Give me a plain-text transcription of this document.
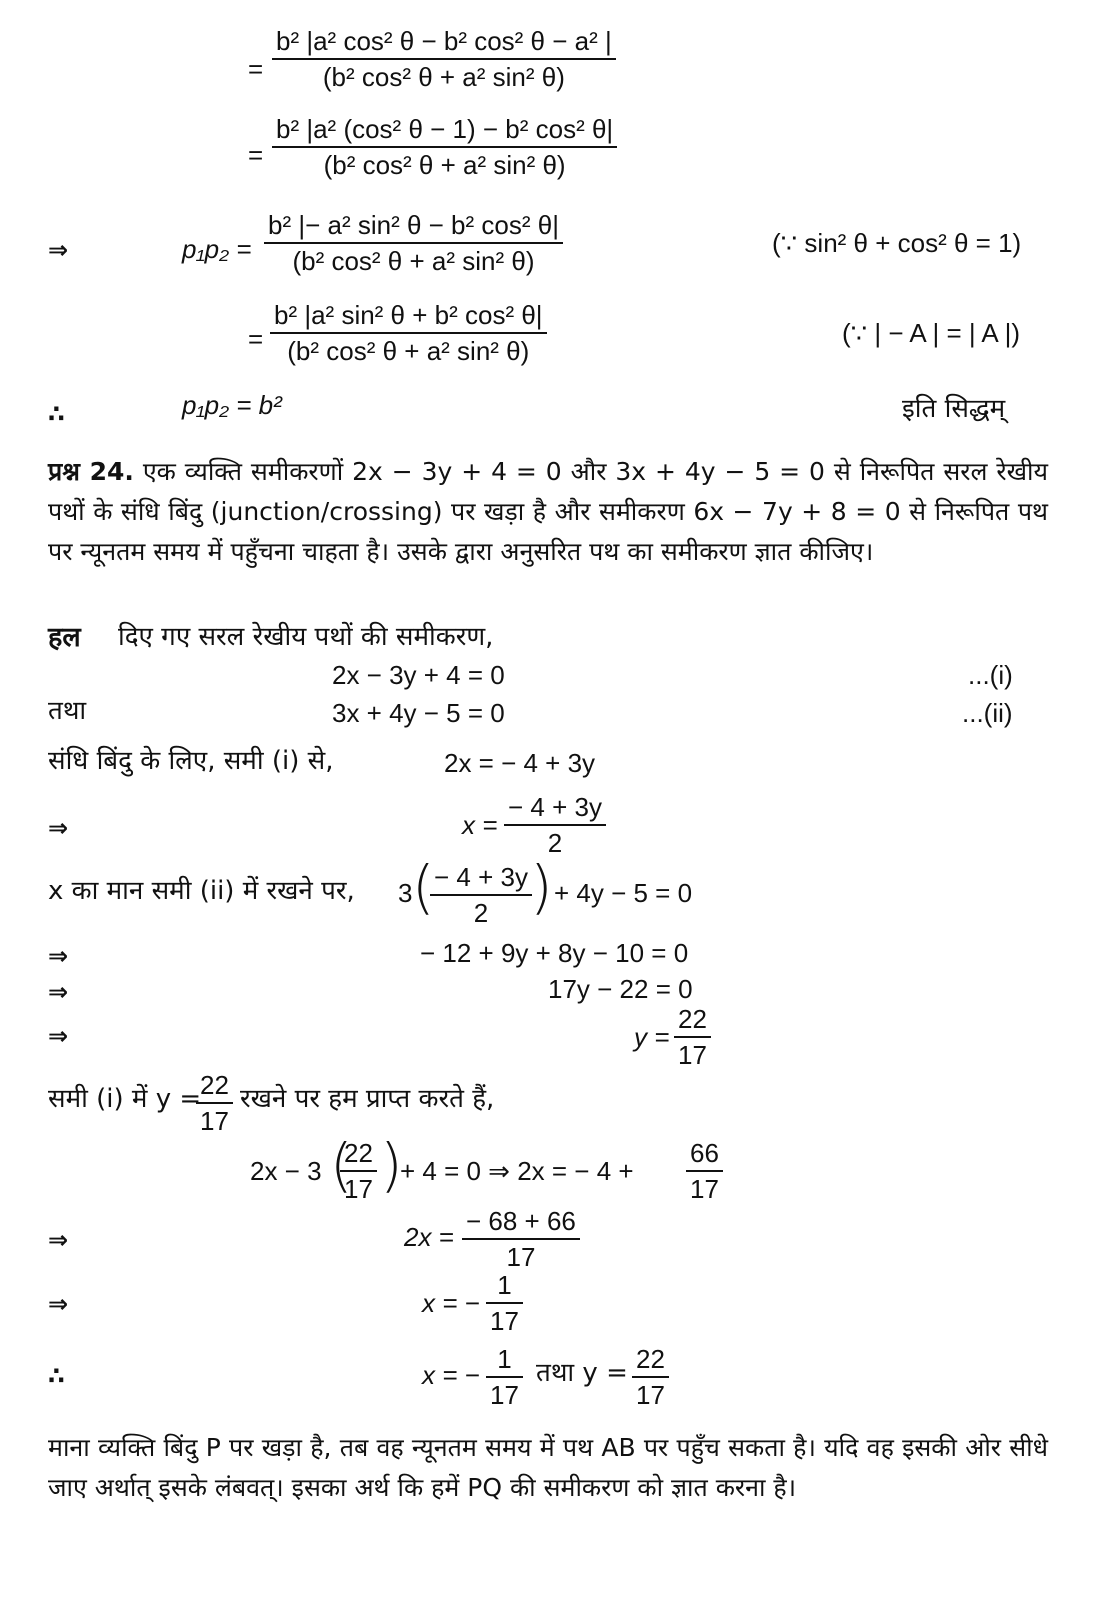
=
b² |a² cos² θ − b² cos² θ − a² |
(b² cos² θ + a² sin² θ)
=
b² |a² (cos² θ − 1) − b² cos² θ|
(b² cos² θ + a² sin² θ)
⇒	p₁p₂ =
b² |− a² sin² θ − b² cos² θ|
(b² cos² θ + a² sin² θ)
(∵ sin² θ + cos² θ = 1)
=
b² |a² sin² θ + b² cos² θ|
(b² cos² θ + a² sin² θ)
(∵ | − A | = | A |)
∴	p₁p₂ = b²	इति सिद्धम्
प्रश्न 24. एक व्यक्ति समीकरणों 2x − 3y + 4 = 0 और 3x + 4y − 5 = 0 से निरूपित सरल रेखीय पथों के संधि बिंदु (junction/crossing) पर खड़ा है और समीकरण 6x − 7y + 8 = 0 से निरूपित पथ पर न्यूनतम समय में पहुँचना चाहता है। उसके द्वारा अनुसरित पथ का समीकरण ज्ञात कीजिए।
हल दिए गए सरल रेखीय पथों की समीकरण,
2x − 3y + 4 = 0	...(i)
तथा	3x + 4y − 5 = 0	...(ii)
संधि बिंदु के लिए, समी (i) से,	2x = − 4 + 3y
⇒	x =
− 4 + 3y
2
x का मान समी (ii) में रखने पर, 3 ( − 4 + 3y
2 ) + 4y − 5 = 0
⇒	− 12 + 9y + 8y − 10 = 0
⇒	17y − 22 = 0
⇒	y =
22
17
समी (i) में y =
22
17
रखने पर हम प्राप्त करते हैं,
2x − 3 (
22
17 )
+ 4 = 0 ⇒ 2x = − 4 +
66
17
⇒	2x =
− 68 + 66
17
⇒	x = −
1
17
∴	x = −
1
17
तथा y = 22
17
माना व्यक्ति बिंदु P पर खड़ा है, तब वह न्यूनतम समय में पथ AB पर पहुँच सकता है। यदि वह इसकी ओर सीधे जाए अर्थात् इसके लंबवत्। इसका अर्थ कि हमें PQ की समीकरण को ज्ञात करना है।
